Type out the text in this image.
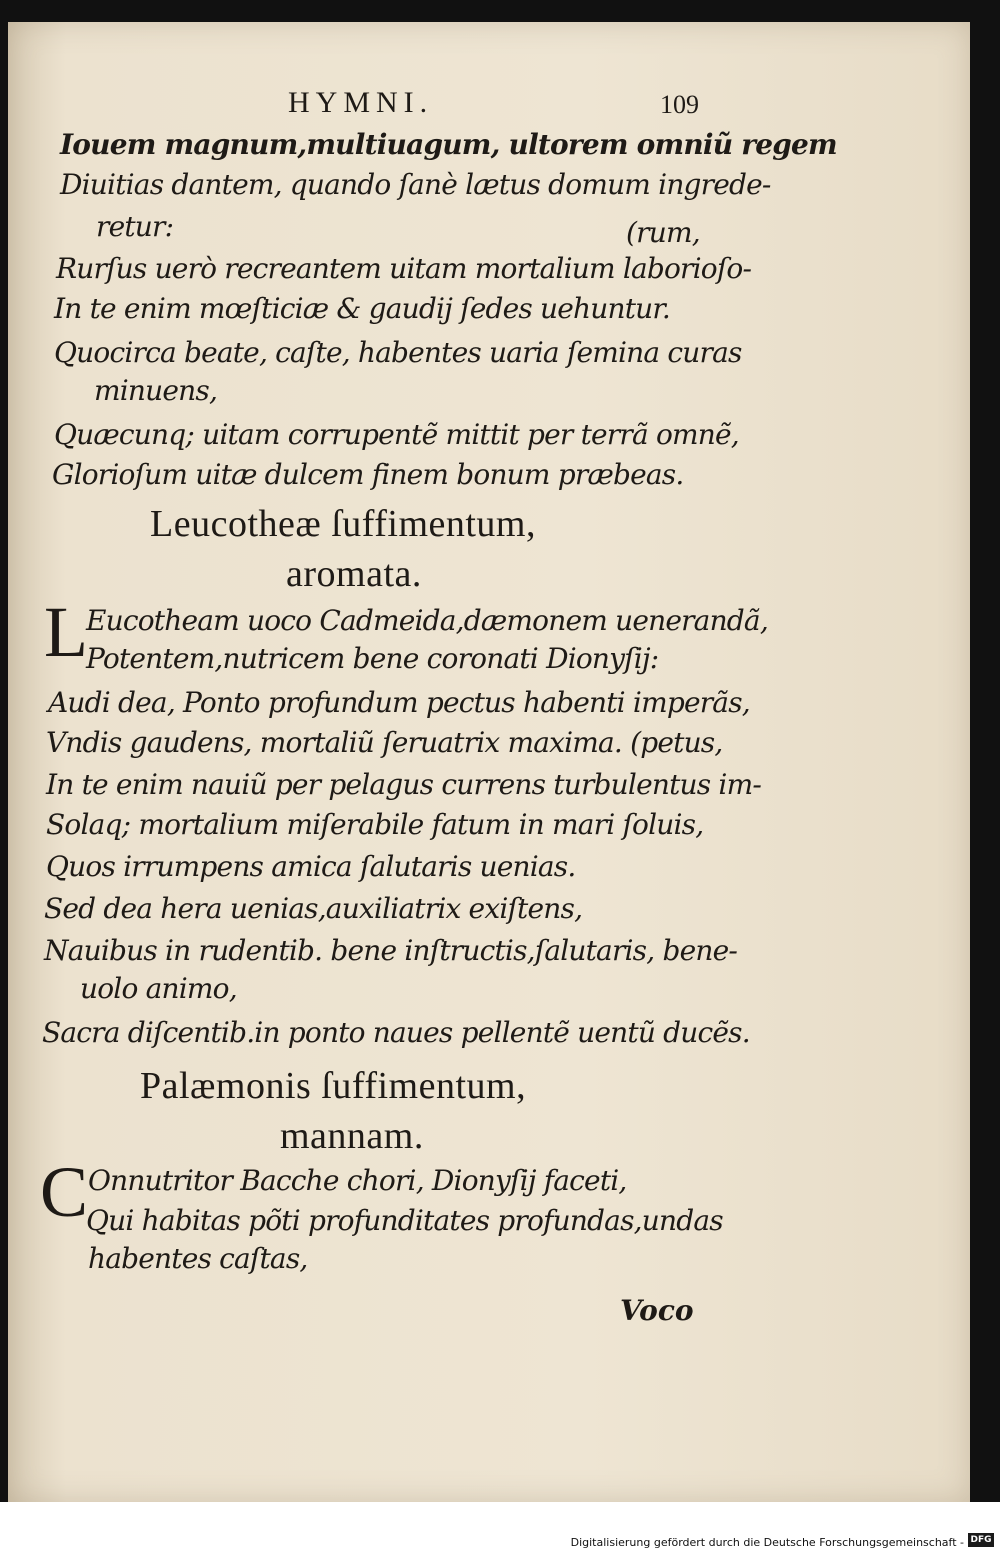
HYMNI.	109
Iouem magnum,multiuagum, ultorem omniũ regem
Diuitias dantem, quando ſanè lætus domum ingrede-
retur:	(rum,
Rurſus uerò recreantem uitam mortalium laborioſo-
In te enim mœſticiæ & gaudij ſedes uehuntur.
Quocirca beate, caſte, habentes uaria ſemina curas
minuens,
Quæcunq; uitam corrupentẽ mittit per terrã omnẽ,
Glorioſum uitæ dulcem finem bonum præbeas.
Leucotheæ ſuffimentum,
aromata.
L
Eucotheam uoco Cadmeida,dæmonem uenerandã,
Potentem,nutricem bene coronati Dionyſij:
Audi dea, Ponto profundum pectus habenti imperãs,
Vndis gaudens, mortaliũ ſeruatrix maxima. (petus,
In te enim nauiũ per pelagus currens turbulentus im-
Solaq; mortalium miſerabile fatum in mari ſoluis,
Quos irrumpens amica ſalutaris uenias.
Sed dea hera uenias,auxiliatrix exiſtens,
Nauibus in rudentib. bene inſtructis,ſalutaris, bene-
uolo animo,
Sacra diſcentib.in ponto naues pellentẽ uentũ ducẽs.
Palæmonis ſuffimentum,
mannam.
C Onnutritor Bacche chori, Dionyſij faceti,
Qui habitas põti profunditates profundas,undas
habentes caſtas,
Voco
Digitalisierung gefördert durch die Deutsche Forschungsgemeinschaft - DFG
